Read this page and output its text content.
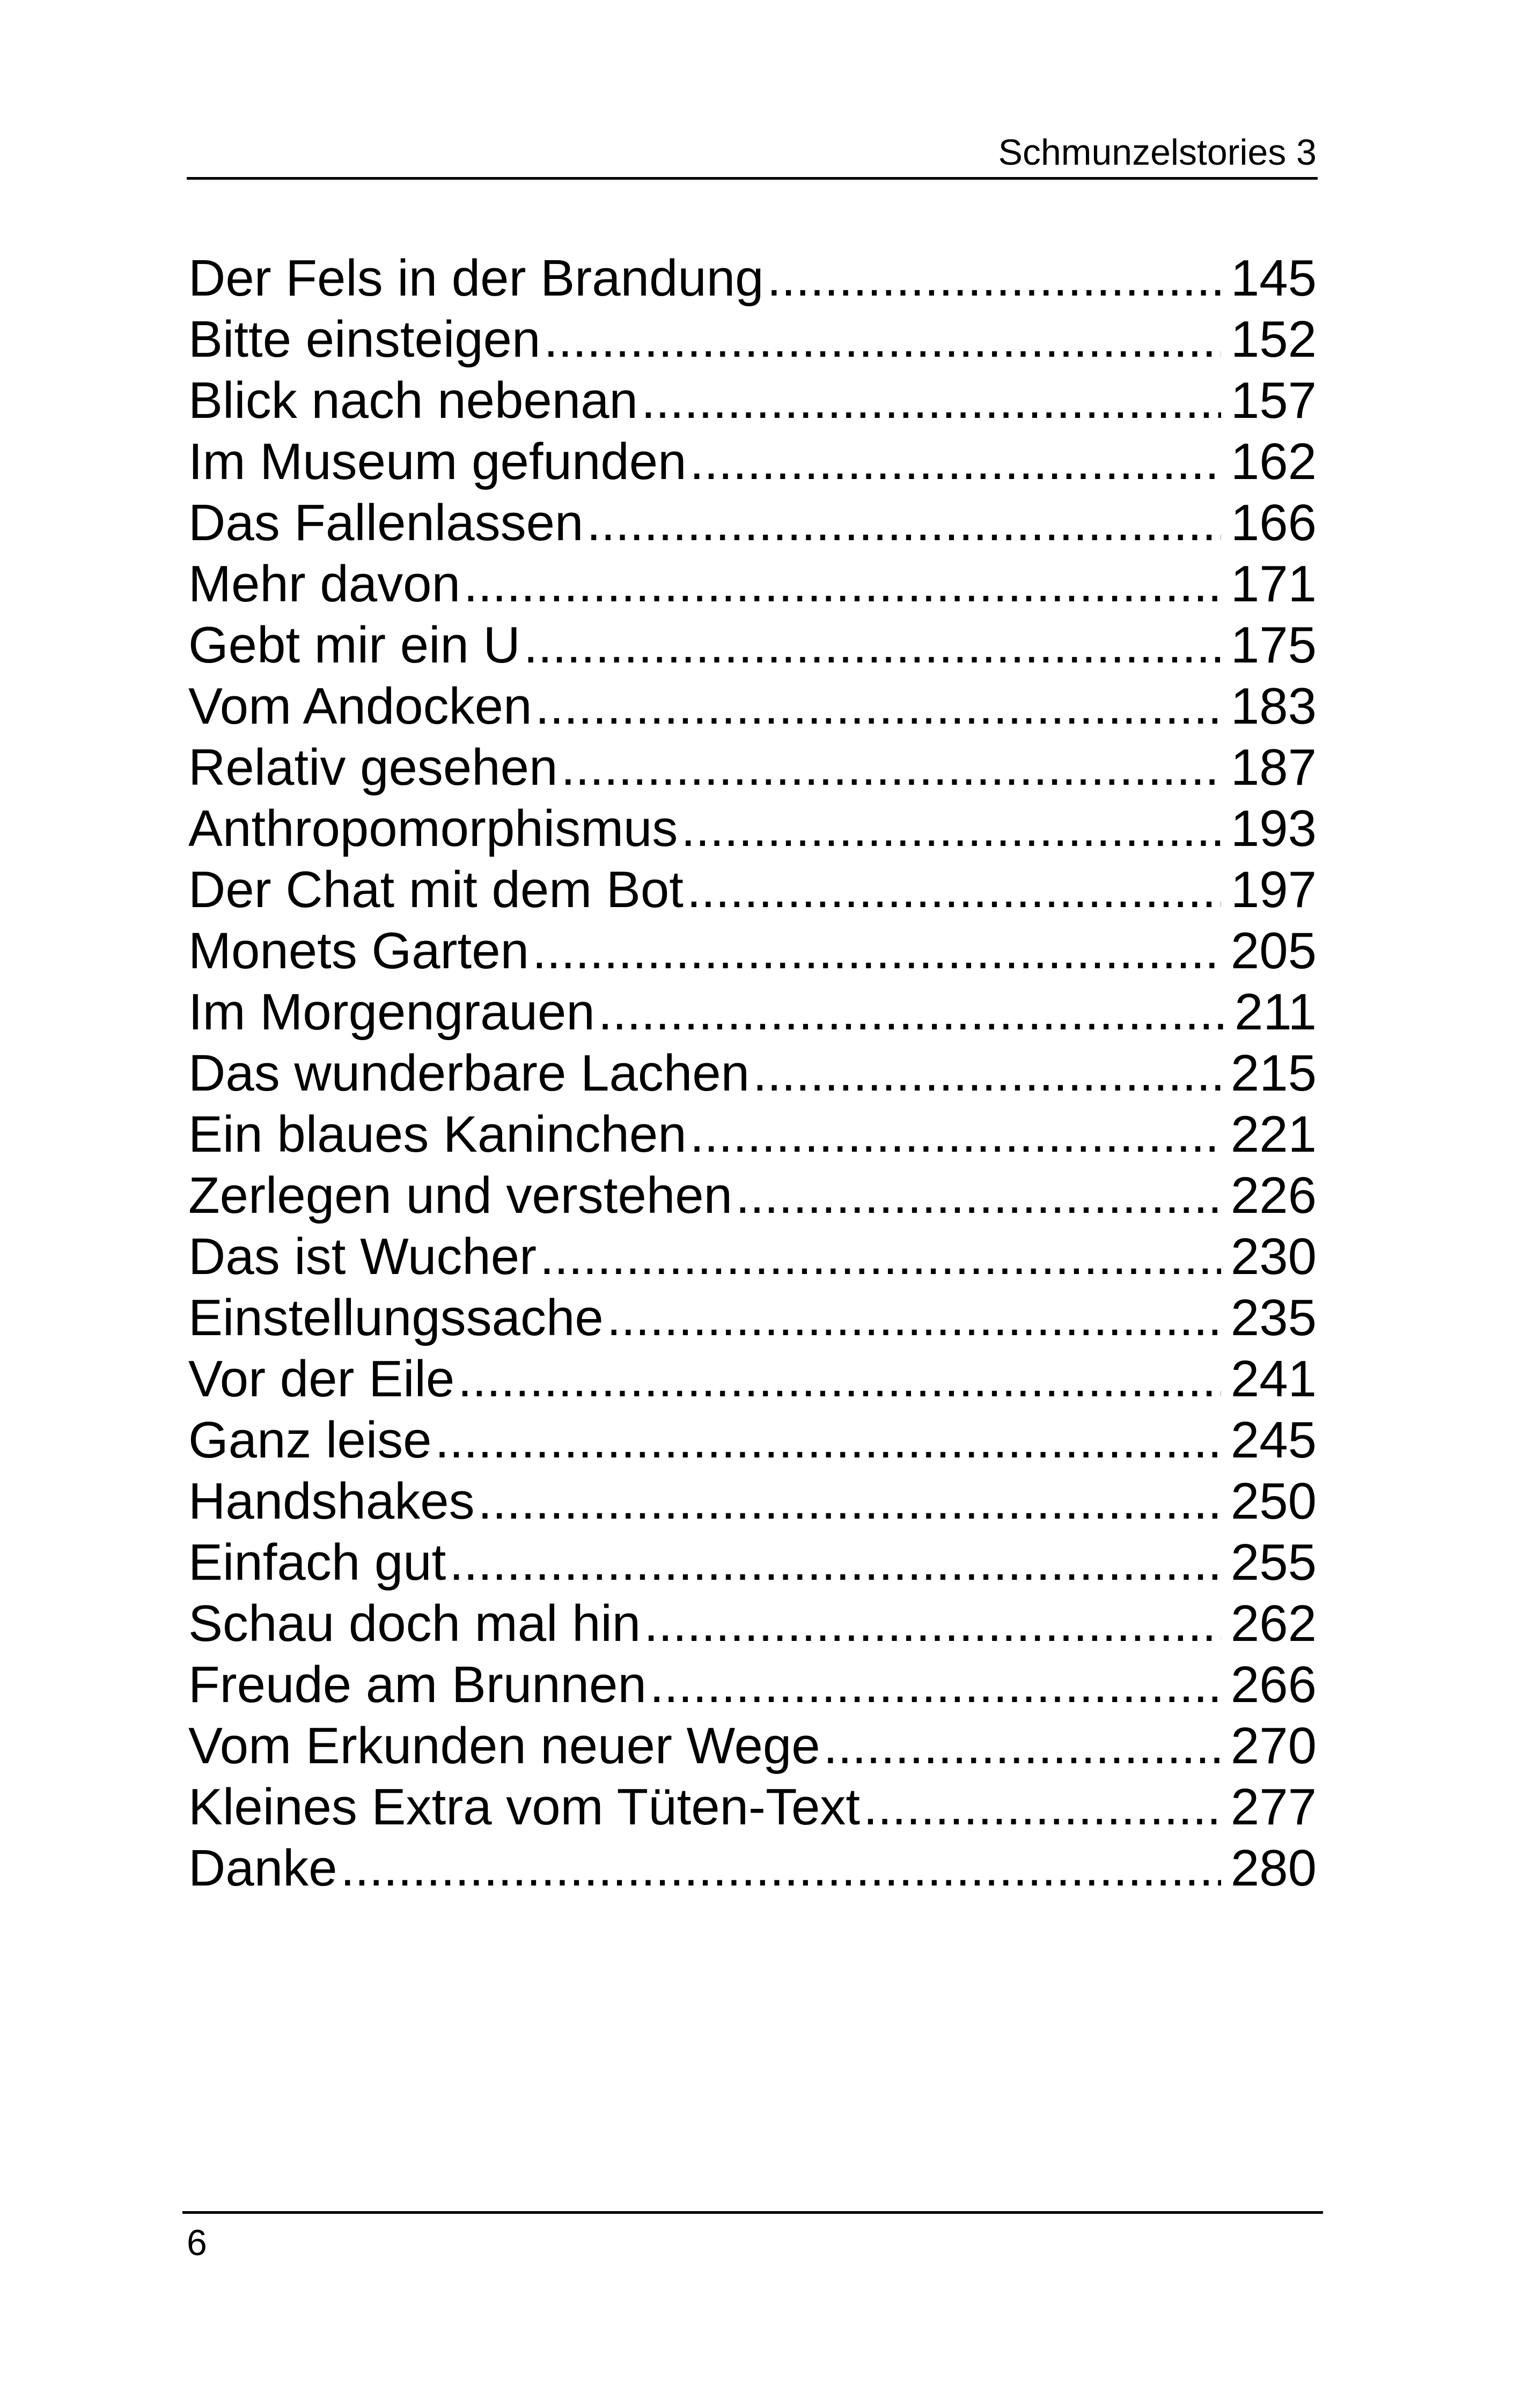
Schmunzelstories 3
Der Fels in der Brandung .....	145
Bitte einsteigen .....	152
Blick nach nebenan .....	157
Im Museum gefunden .....	162
Das Fallenlassen .....	166
Mehr davon .....	171
Gebt mir ein U .....	175
Vom Andocken .....	183
Relativ gesehen .....	187
Anthropomorphismus .....	193
Der Chat mit dem Bot .....	197
Monets Garten .....	205
Im Morgengrauen .....	211
Das wunderbare Lachen .....	215
Ein blaues Kaninchen .....	221
Zerlegen und verstehen .....	226
Das ist Wucher .....	230
Einstellungssache .....	235
Vor der Eile .....	241
Ganz leise .....	245
Handshakes .....	250
Einfach gut .....	255
Schau doch mal hin .....	262
Freude am Brunnen .....	266
Vom Erkunden neuer Wege .....	270
Kleines Extra vom Tüten-Text .....	277
Danke .....	280
6
